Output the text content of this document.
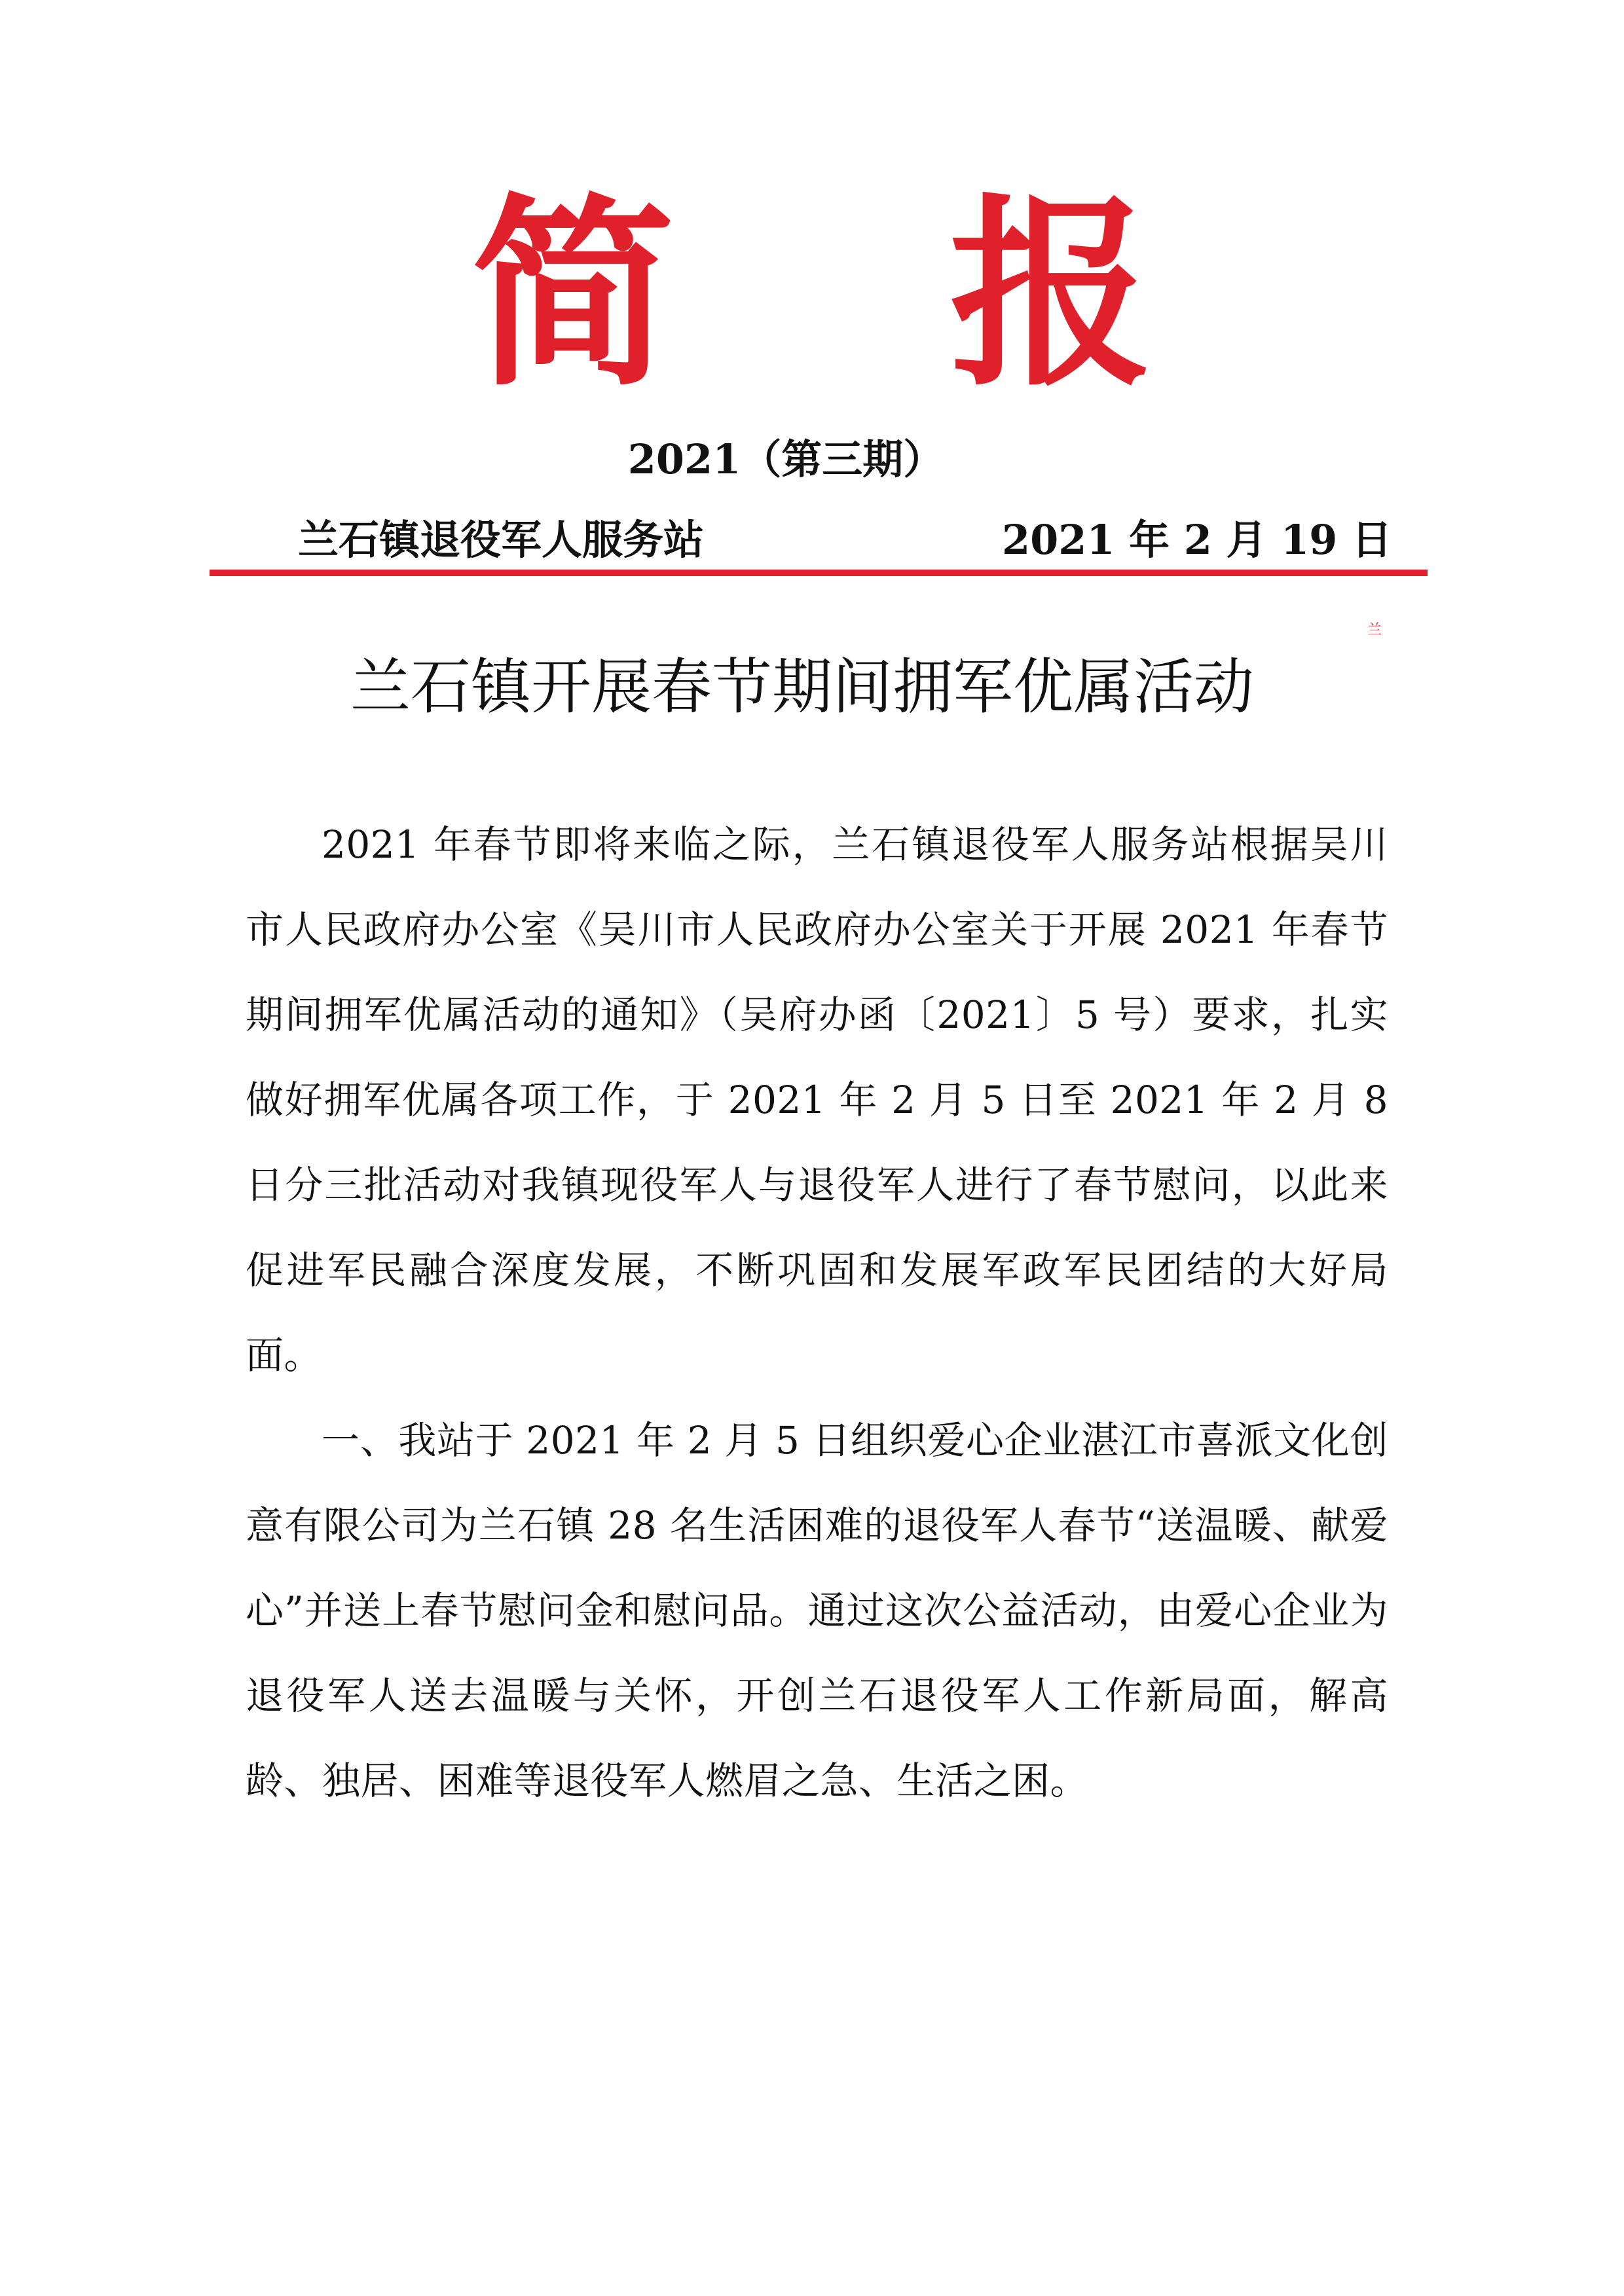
简 报
2021（第三期）
兰石镇退役军人服务站	2021 年 2 月 19 日
兰
兰石镇开展春节期间拥军优属活动

2021 年春节即将来临之际，兰石镇退役军人服务站根据吴川市人民政府办公室《吴川市人民政府办公室关于开展 2021 年春节期间拥军优属活动的通知》（吴府办函〔2021〕5 号）要求，扎实做好拥军优属各项工作，于 2021 年 2 月 5 日至 2021 年 2 月 8 日分三批活动对我镇现役军人与退役军人进行了春节慰问，以此来促进军民融合深度发展，不断巩固和发展军政军民团结的大好局面。

一、我站于 2021 年 2 月 5 日组织爱心企业湛江市喜派文化创意有限公司为兰石镇 28 名生活困难的退役军人春节“送温暖、献爱心”并送上春节慰问金和慰问品。通过这次公益活动，由爱心企业为退役军人送去温暖与关怀，开创兰石退役军人工作新局面，解高龄、独居、困难等退役军人燃眉之急、生活之困。
